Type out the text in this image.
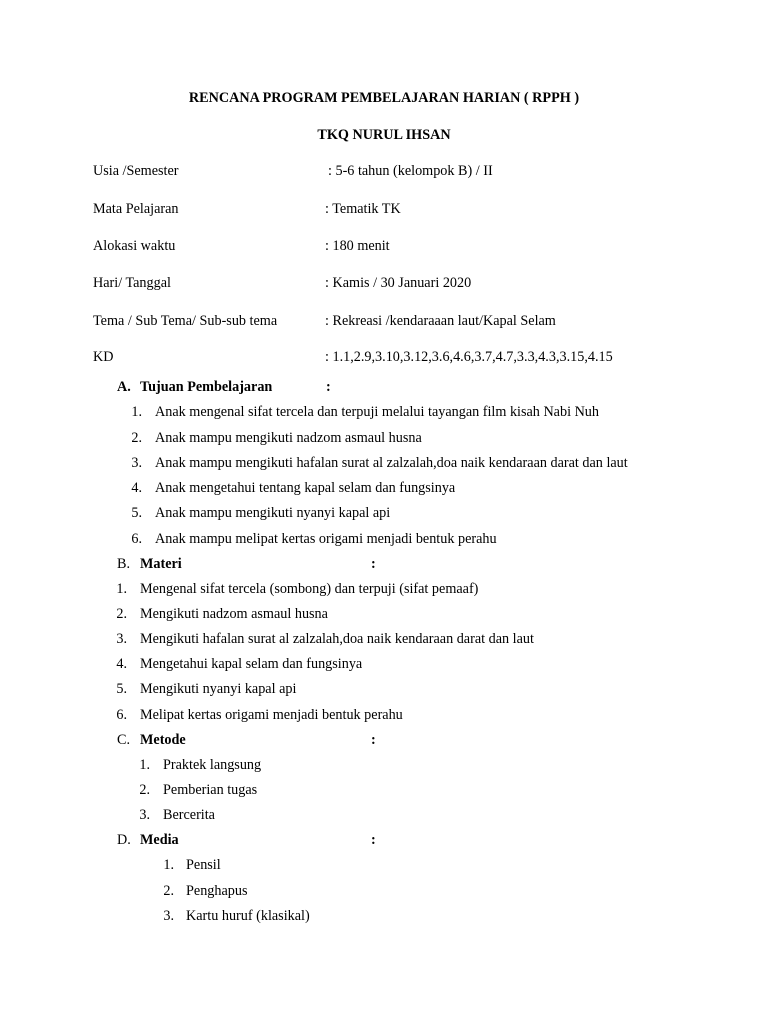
RENCANA PROGRAM PEMBELAJARAN HARIAN ( RPPH )
TKQ NURUL IHSAN
Usia /Semester	: 5-6 tahun (kelompok B) / II
Mata Pelajaran	: Tematik TK
Alokasi waktu	: 180 menit
Hari/ Tanggal	: Kamis / 30 Januari 2020
Tema / Sub Tema/ Sub-sub tema	: Rekreasi /kendaraaan laut/Kapal Selam
KD	: 1.1,2.9,3.10,3.12,3.6,4.6,3.7,4.7,3.3,4.3,3.15,4.15
A. Tujuan Pembelajaran	:
1. Anak mengenal sifat tercela dan terpuji melalui tayangan film kisah Nabi Nuh
2. Anak mampu mengikuti nadzom asmaul husna
3. Anak mampu mengikuti hafalan surat al zalzalah,doa naik kendaraan darat dan laut
4. Anak mengetahui tentang kapal selam dan fungsinya
5. Anak mampu mengikuti nyanyi kapal api
6. Anak mampu melipat kertas origami menjadi bentuk perahu
B. Materi	:
1. Mengenal sifat tercela (sombong) dan terpuji (sifat pemaaf)
2. Mengikuti nadzom asmaul husna
3. Mengikuti hafalan surat al zalzalah,doa naik kendaraan darat dan laut
4. Mengetahui kapal selam dan fungsinya
5. Mengikuti nyanyi kapal api
6. Melipat kertas origami menjadi bentuk perahu
C. Metode	:
1. Praktek langsung
2. Pemberian tugas
3. Bercerita
D. Media	:
1. Pensil
2. Penghapus
3. Kartu huruf (klasikal)
